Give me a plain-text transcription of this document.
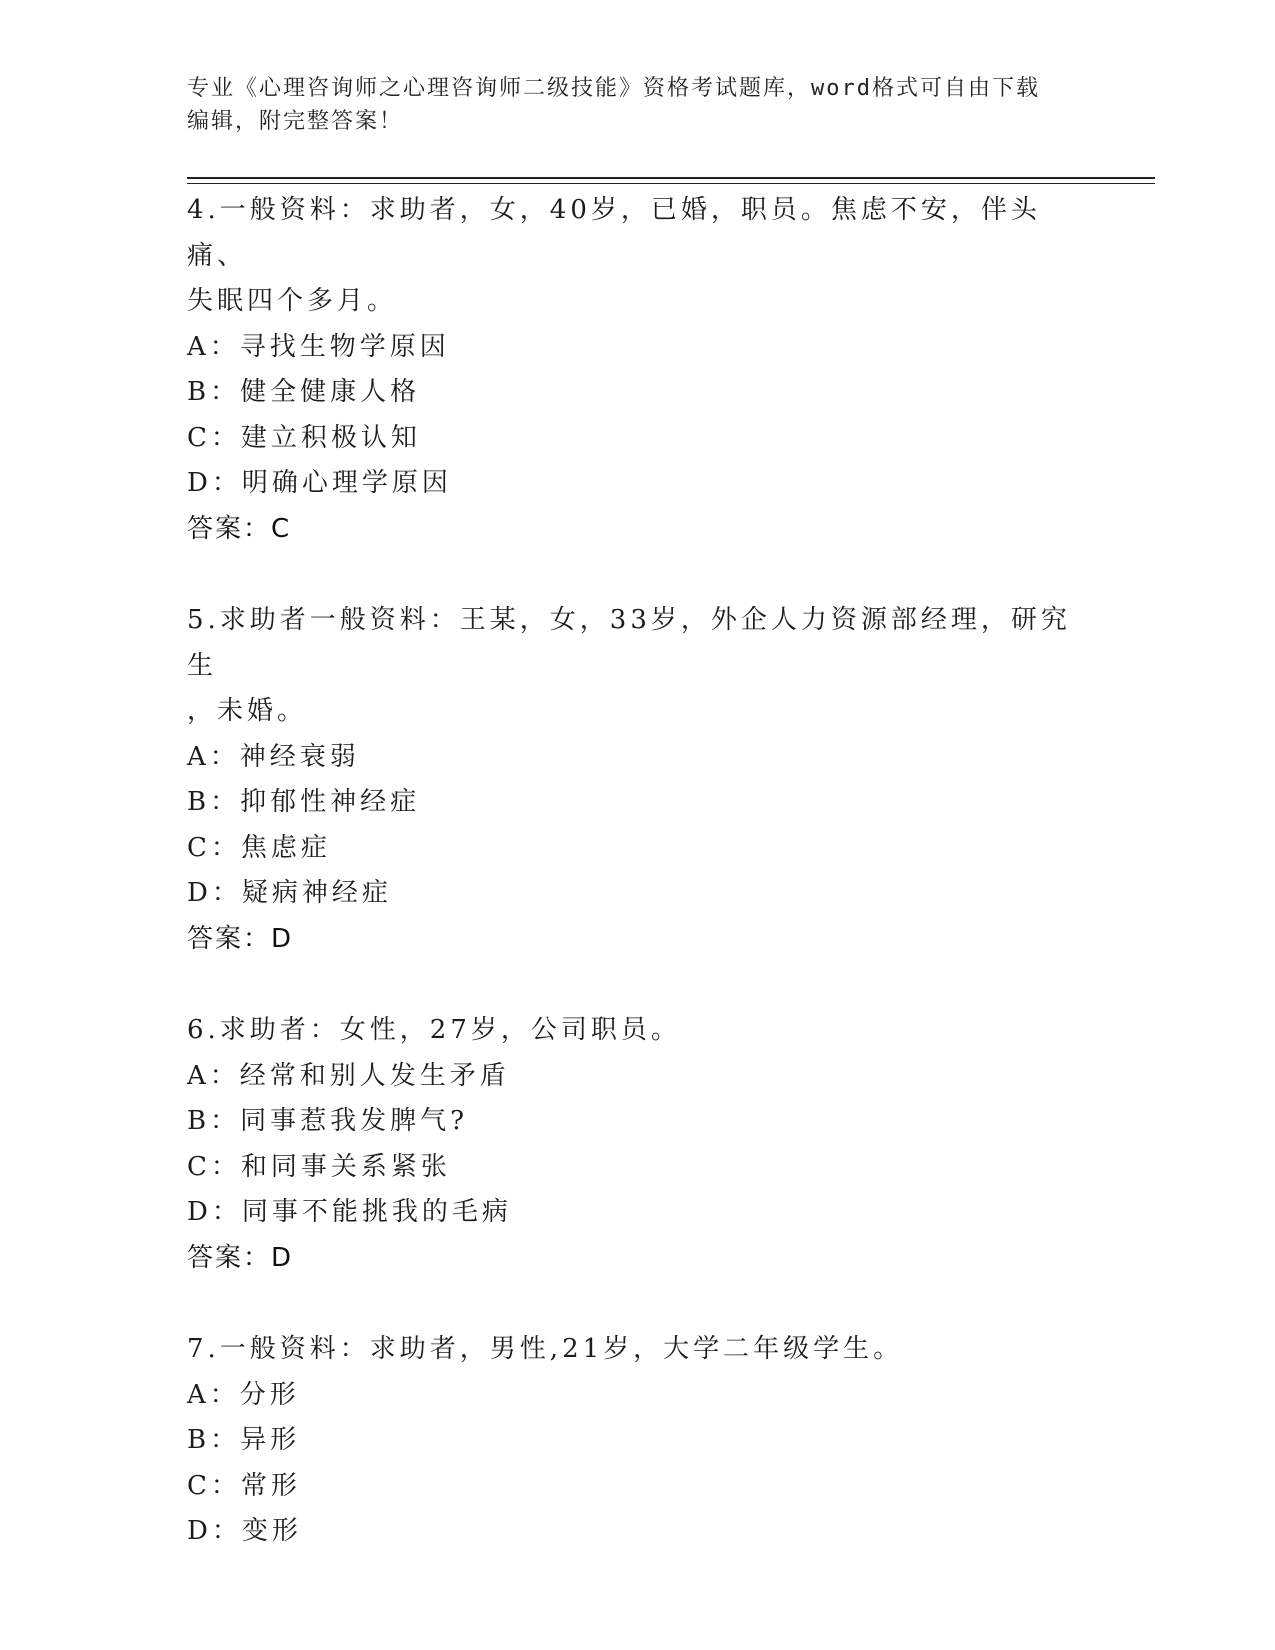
专业《心理咨询师之心理咨询师二级技能》资格考试题库，word格式可自由下载
编辑，附完整答案！
4.一般资料：求助者，女，40岁，已婚，职员。焦虑不安，伴头痛、
失眠四个多月。
A：寻找生物学原因
B：健全健康人格
C：建立积极认知
D：明确心理学原因
答案：C
5.求助者一般资料：王某，女，33岁，外企人力资源部经理，研究生
，未婚。
A：神经衰弱
B：抑郁性神经症
C：焦虑症
D：疑病神经症
答案：D
6.求助者：女性，27岁，公司职员。
A：经常和别人发生矛盾
B：同事惹我发脾气?
C：和同事关系紧张
D：同事不能挑我的毛病
答案：D
7.一般资料：求助者，男性,21岁，大学二年级学生。
A：分形
B：异形
C：常形
D：变形
